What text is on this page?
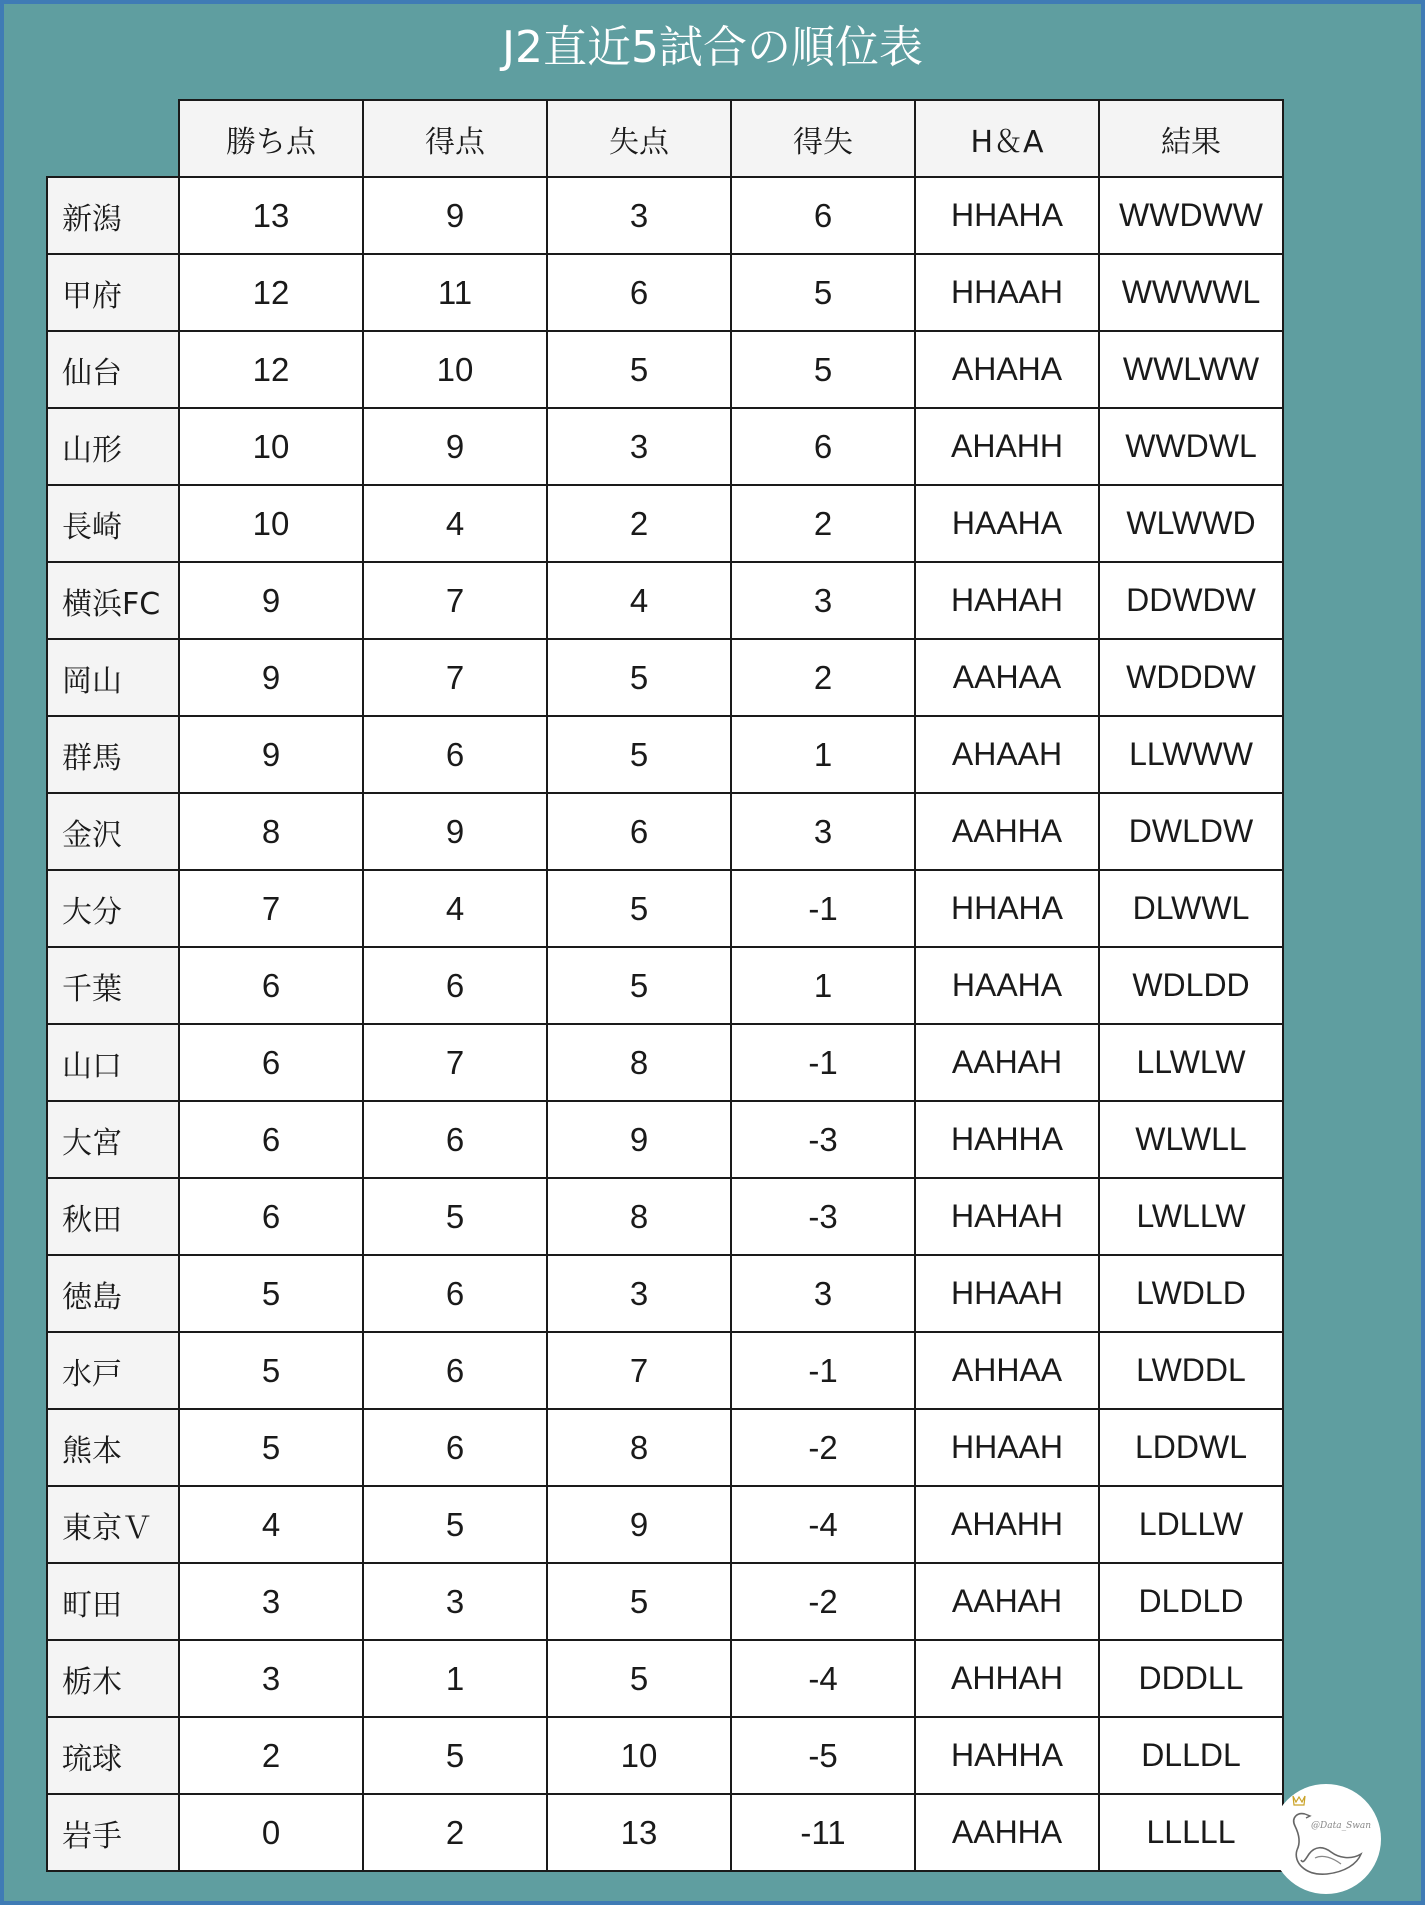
J2直近5試合の順位表
	勝ち点	得点	失点	得失	H＆A	結果
新潟	13	9	3	6	HHAHA	WWDWW
甲府	12	11	6	5	HHAAH	WWWWL
仙台	12	10	5	5	AHAHA	WWLWW
山形	10	9	3	6	AHAHH	WWDWL
長崎	10	4	2	2	HAAHA	WLWWD
横浜FC	9	7	4	3	HAHAH	DDWDW
岡山	9	7	5	2	AAHAA	WDDDW
群馬	9	6	5	1	AHAAH	LLWWW
金沢	8	9	6	3	AAHHA	DWLDW
大分	7	4	5	-1	HHAHA	DLWWL
千葉	6	6	5	1	HAAHA	WDLDD
山口	6	7	8	-1	AAHAH	LLWLW
大宮	6	6	9	-3	HAHHA	WLWLL
秋田	6	5	8	-3	HAHAH	LWLLW
徳島	5	6	3	3	HHAAH	LWDLD
水戸	5	6	7	-1	AHHAA	LWDDL
熊本	5	6	8	-2	HHAAH	LDDWL
東京Ｖ	4	5	9	-4	AHAHH	LDLLW
町田	3	3	5	-2	AAHAH	DLDLD
栃木	3	1	5	-4	AHHAH	DDDLL
琉球	2	5	10	-5	HAHHA	DLLDL
岩手	0	2	13	-11	AAHHA	LLLLL	@Data_Swan
